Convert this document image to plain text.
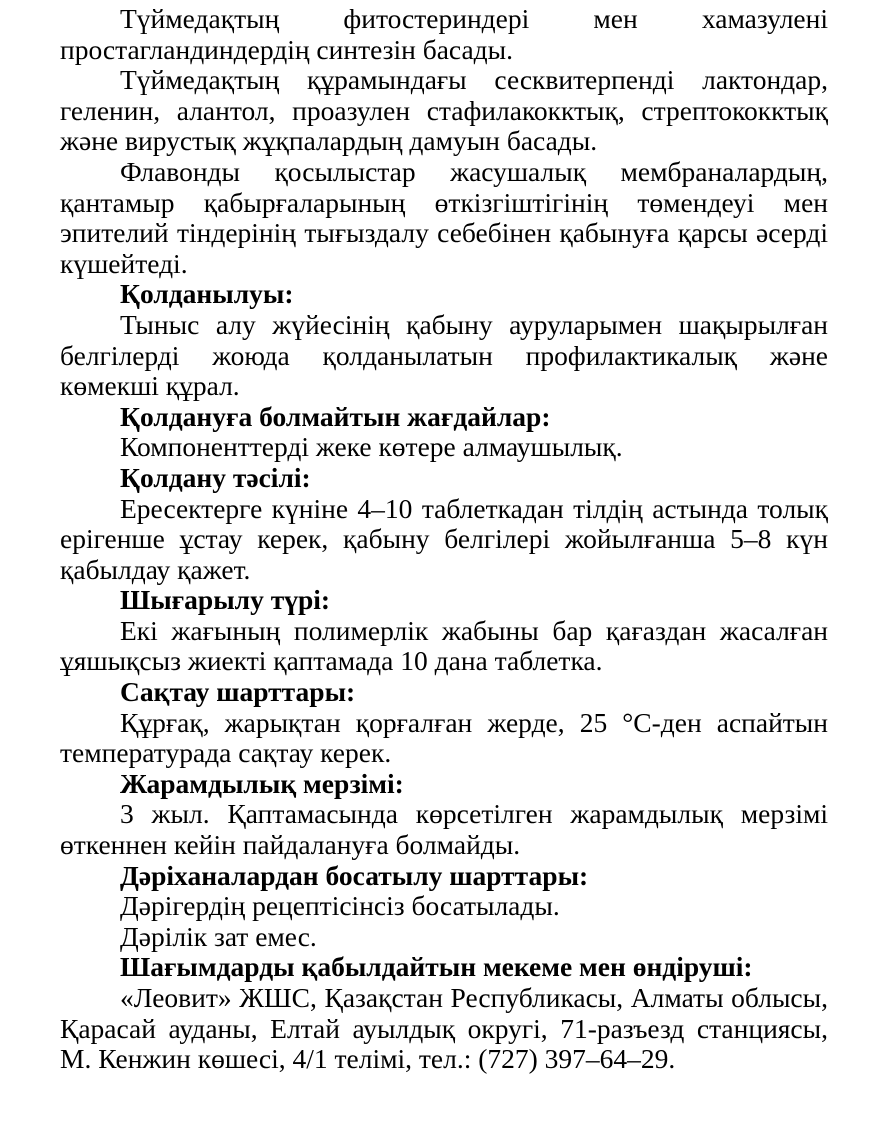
Түймедақтың фитостериндері мен хамазулені простагландиндердің синтезін басады.

Түймедақтың құрамындағы сесквитерпенді лактондар, геленин, алантол, проазулен стафилакокктық, стрептококктық және вирустық жұқпалардың дамуын басады.

Флавонды қосылыстар жасушалық мембраналардың, қантамыр қабырғаларының өткізгіштігінің төмендеуі мен эпителий тіндерінің тығыздалу себебінен қабынуға қарсы әсерді күшейтеді.

Қолданылуы:

Тыныс алу жүйесінің қабыну ауруларымен шақырылған белгілерді жоюда қолданылатын профилактикалық және көмекші құрал.

Қолдануға болмайтын жағдайлар:

Компоненттерді жеке көтере алмаушылық.

Қолдану тәсілі:

Ересектерге күніне 4–10 таблеткадан тілдің астында толық ерігенше ұстау керек, қабыну белгілері жойылғанша 5–8 күн қабылдау қажет.

Шығарылу түрі:

Екі жағының полимерлік жабыны бар қағаздан жасалған ұяшықсыз жиекті қаптамада 10 дана таблетка.

Сақтау шарттары:

Құрғақ, жарықтан қорғалған жерде, 25 °С-ден аспайтын температурада сақтау керек.

Жарамдылық мерзімі:

3 жыл. Қаптамасында көрсетілген жарамдылық мерзімі өткеннен кейін пайдалануға болмайды.

Дәріханалардан босатылу шарттары:

Дәрігердің рецептісінсіз босатылады.

Дәрілік зат емес.

Шағымдарды қабылдайтын мекеме мен өндіруші:

«Леовит» ЖШС, Қазақстан Республикасы, Алматы облысы, Қарасай ауданы, Елтай ауылдық округі, 71-разъезд станциясы, М. Кенжин көшесі, 4/1 телімі, тел.: (727) 397–64–29.
